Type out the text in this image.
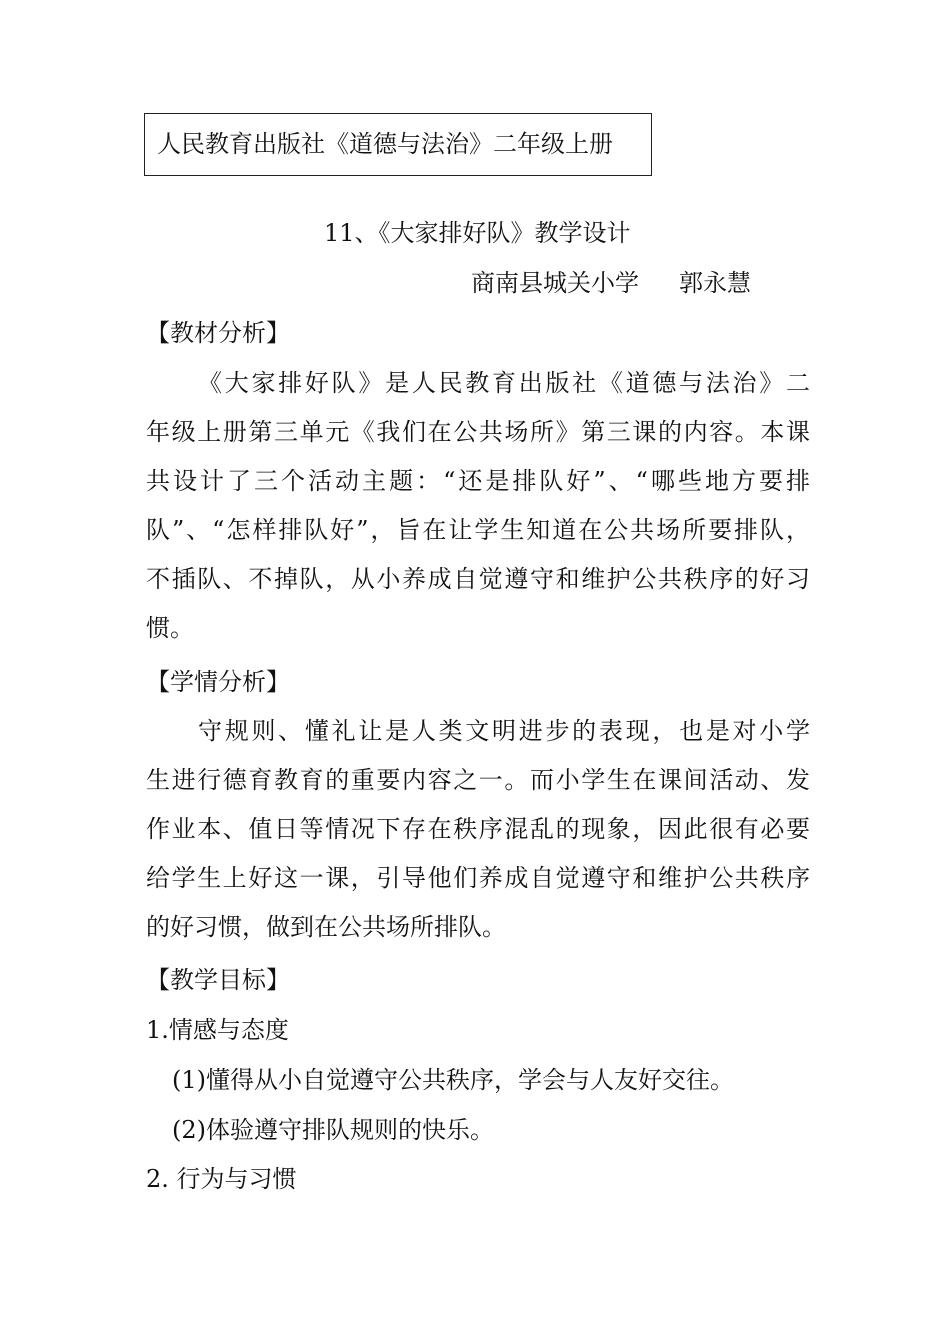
人民教育出版社《道德与法治》二年级上册
11、《大家排好队》教学设计
商南县城关小学 郭永慧
【教材分析】
《大家排好队》是人民教育出版社《道德与法治》二
年级上册第三单元《我们在公共场所》第三课的内容。本课
共设计了三个活动主题：“还是排队好”、“哪些地方要排
队”、“怎样排队好”，旨在让学生知道在公共场所要排队，
不插队、不掉队，从小养成自觉遵守和维护公共秩序的好习
惯。
【学情分析】
守规则、懂礼让是人类文明进步的表现，也是对小学
生进行德育教育的重要内容之一。而小学生在课间活动、发
作业本、值日等情况下存在秩序混乱的现象，因此很有必要
给学生上好这一课，引导他们养成自觉遵守和维护公共秩序
的好习惯，做到在公共场所排队。
【教学目标】
1.情感与态度
(1)懂得从小自觉遵守公共秩序，学会与人友好交往。
(2)体验遵守排队规则的快乐。
2. 行为与习惯
